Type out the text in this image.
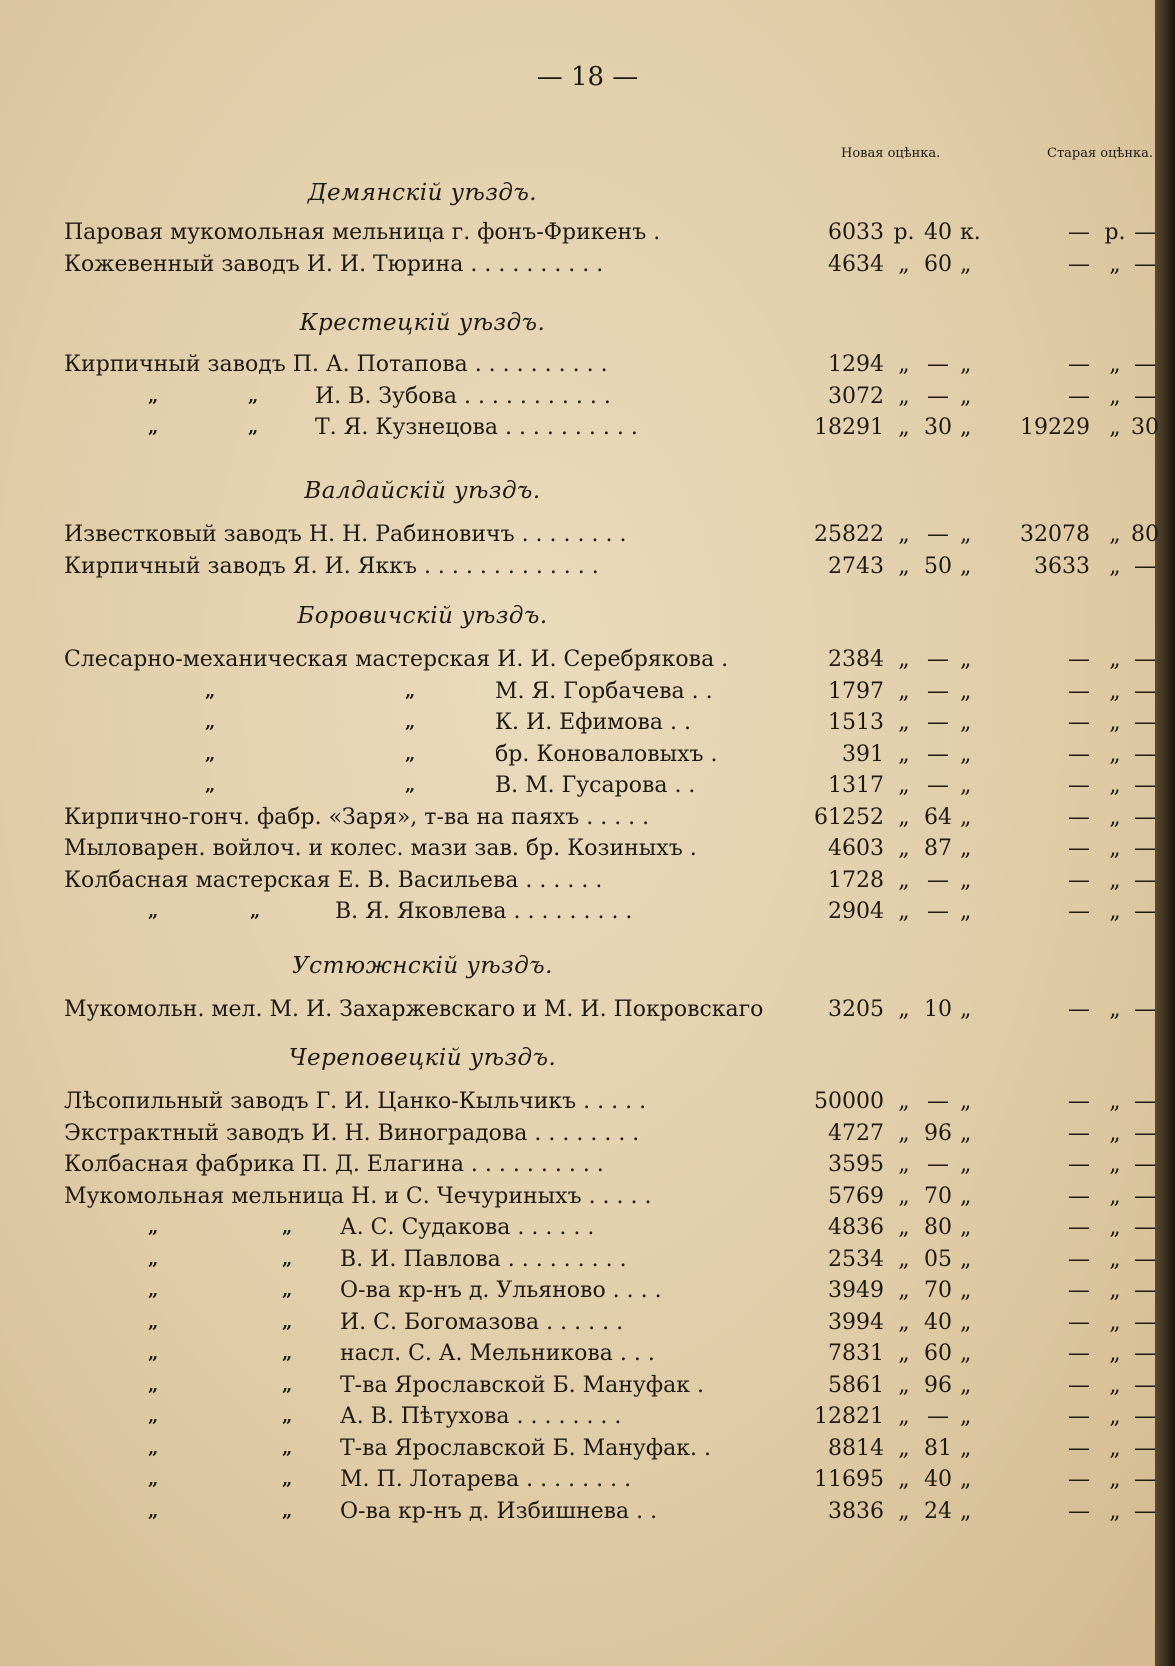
— 18 —
Новая оцѣнка.	Старая оцѣнка.
Демянскій уѣздъ.
Паровая мукомольная мельница г. фонъ-Фрикенъ .	6033 р. 40 к.	— р. —
Кожевенный заводъ И. И. Тюрина . . . . . . . . . .	4634 „ 60 „	— „ —
Крестецкій уѣздъ.
Кирпичный заводъ П. А. Потапова . . . . . . . . . .	1294 „ — „	— „ —
„	„	И. В. Зубова . . . . . . . . . . .	3072 „ — „	— „ —
„	„	Т. Я. Кузнецова . . . . . . . . . .	18291 „ 30 „	19229 „ 30
Валдайскій уѣздъ.
Известковый заводъ Н. Н. Рабиновичъ . . . . . . . .	25822 „ — „	32078 „ 80
Кирпичный заводъ Я. И. Яккъ . . . . . . . . . . . . .	2743 „ 50 „	3633 „ —
Боровичскій уѣздъ.
Слесарно-механическая мастерская И. И. Серебрякова .	2384 „ — „	— „ —
„	„	М. Я. Горбачева . .	1797 „ — „	— „ —
„	„	К. И. Ефимова . .	1513 „ — „	— „ —
„	„	бр. Коноваловыхъ .	391 „ — „	— „ —
„	„	В. М. Гусарова . .	1317 „ — „	— „ —
Кирпично-гонч. фабр. «Заря», т-ва на паяхъ . . . . .	61252 „ 64 „	— „ —
Мыловарен. войлоч. и колес. мази зав. бр. Козиныхъ .	4603 „ 87 „	— „ —
Колбасная мастерская Е. В. Васильева . . . . . .	1728 „ — „	— „ —
„	„	В. Я. Яковлева . . . . . . . . .	2904 „ — „	— „ —
Устюжнскій уѣздъ.
Мукомольн. мел. М. И. Захаржевскаго и М. И. Покровскаго	3205 „ 10 „	— „ —
Череповецкій уѣздъ.
Лѣсопильный заводъ Г. И. Цанко-Кыльчикъ . . . . .	50000 „ — „	— „ —
Экстрактный заводъ И. Н. Виноградова . . . . . . . .	4727 „ 96 „	— „ —
Колбасная фабрика П. Д. Елагина . . . . . . . . . .	3595 „ — „	— „ —
Мукомольная мельница Н. и С. Чечуриныхъ . . . . .	5769 „ 70 „	— „ —
„	„ А. С. Судакова . . . . . .	4836 „ 80 „	— „ —
„	„ В. И. Павлова . . . . . . . . .	2534 „ 05 „	— „ —
„	„ О-ва кр-нъ д. Ульяново . . . .	3949 „ 70 „	— „ —
„	„ И. С. Богомазова . . . . . .	3994 „ 40 „	— „ —
„	„ насл. С. А. Мельникова . . .	7831 „ 60 „	— „ —
„	„ Т-ва Ярославской Б. Мануфак .	5861 „ 96 „	— „ —
„	„ А. В. Пѣтухова . . . . . . . .	12821 „ — „	— „ —
„	„ Т-ва Ярославской Б. Мануфак. .	8814 „ 81 „	— „ —
„	„ М. П. Лотарева . . . . . . . .	11695 „ 40 „	— „ —
„	„ О-ва кр-нъ д. Избишнева . .	3836 „ 24 „	— „ —
